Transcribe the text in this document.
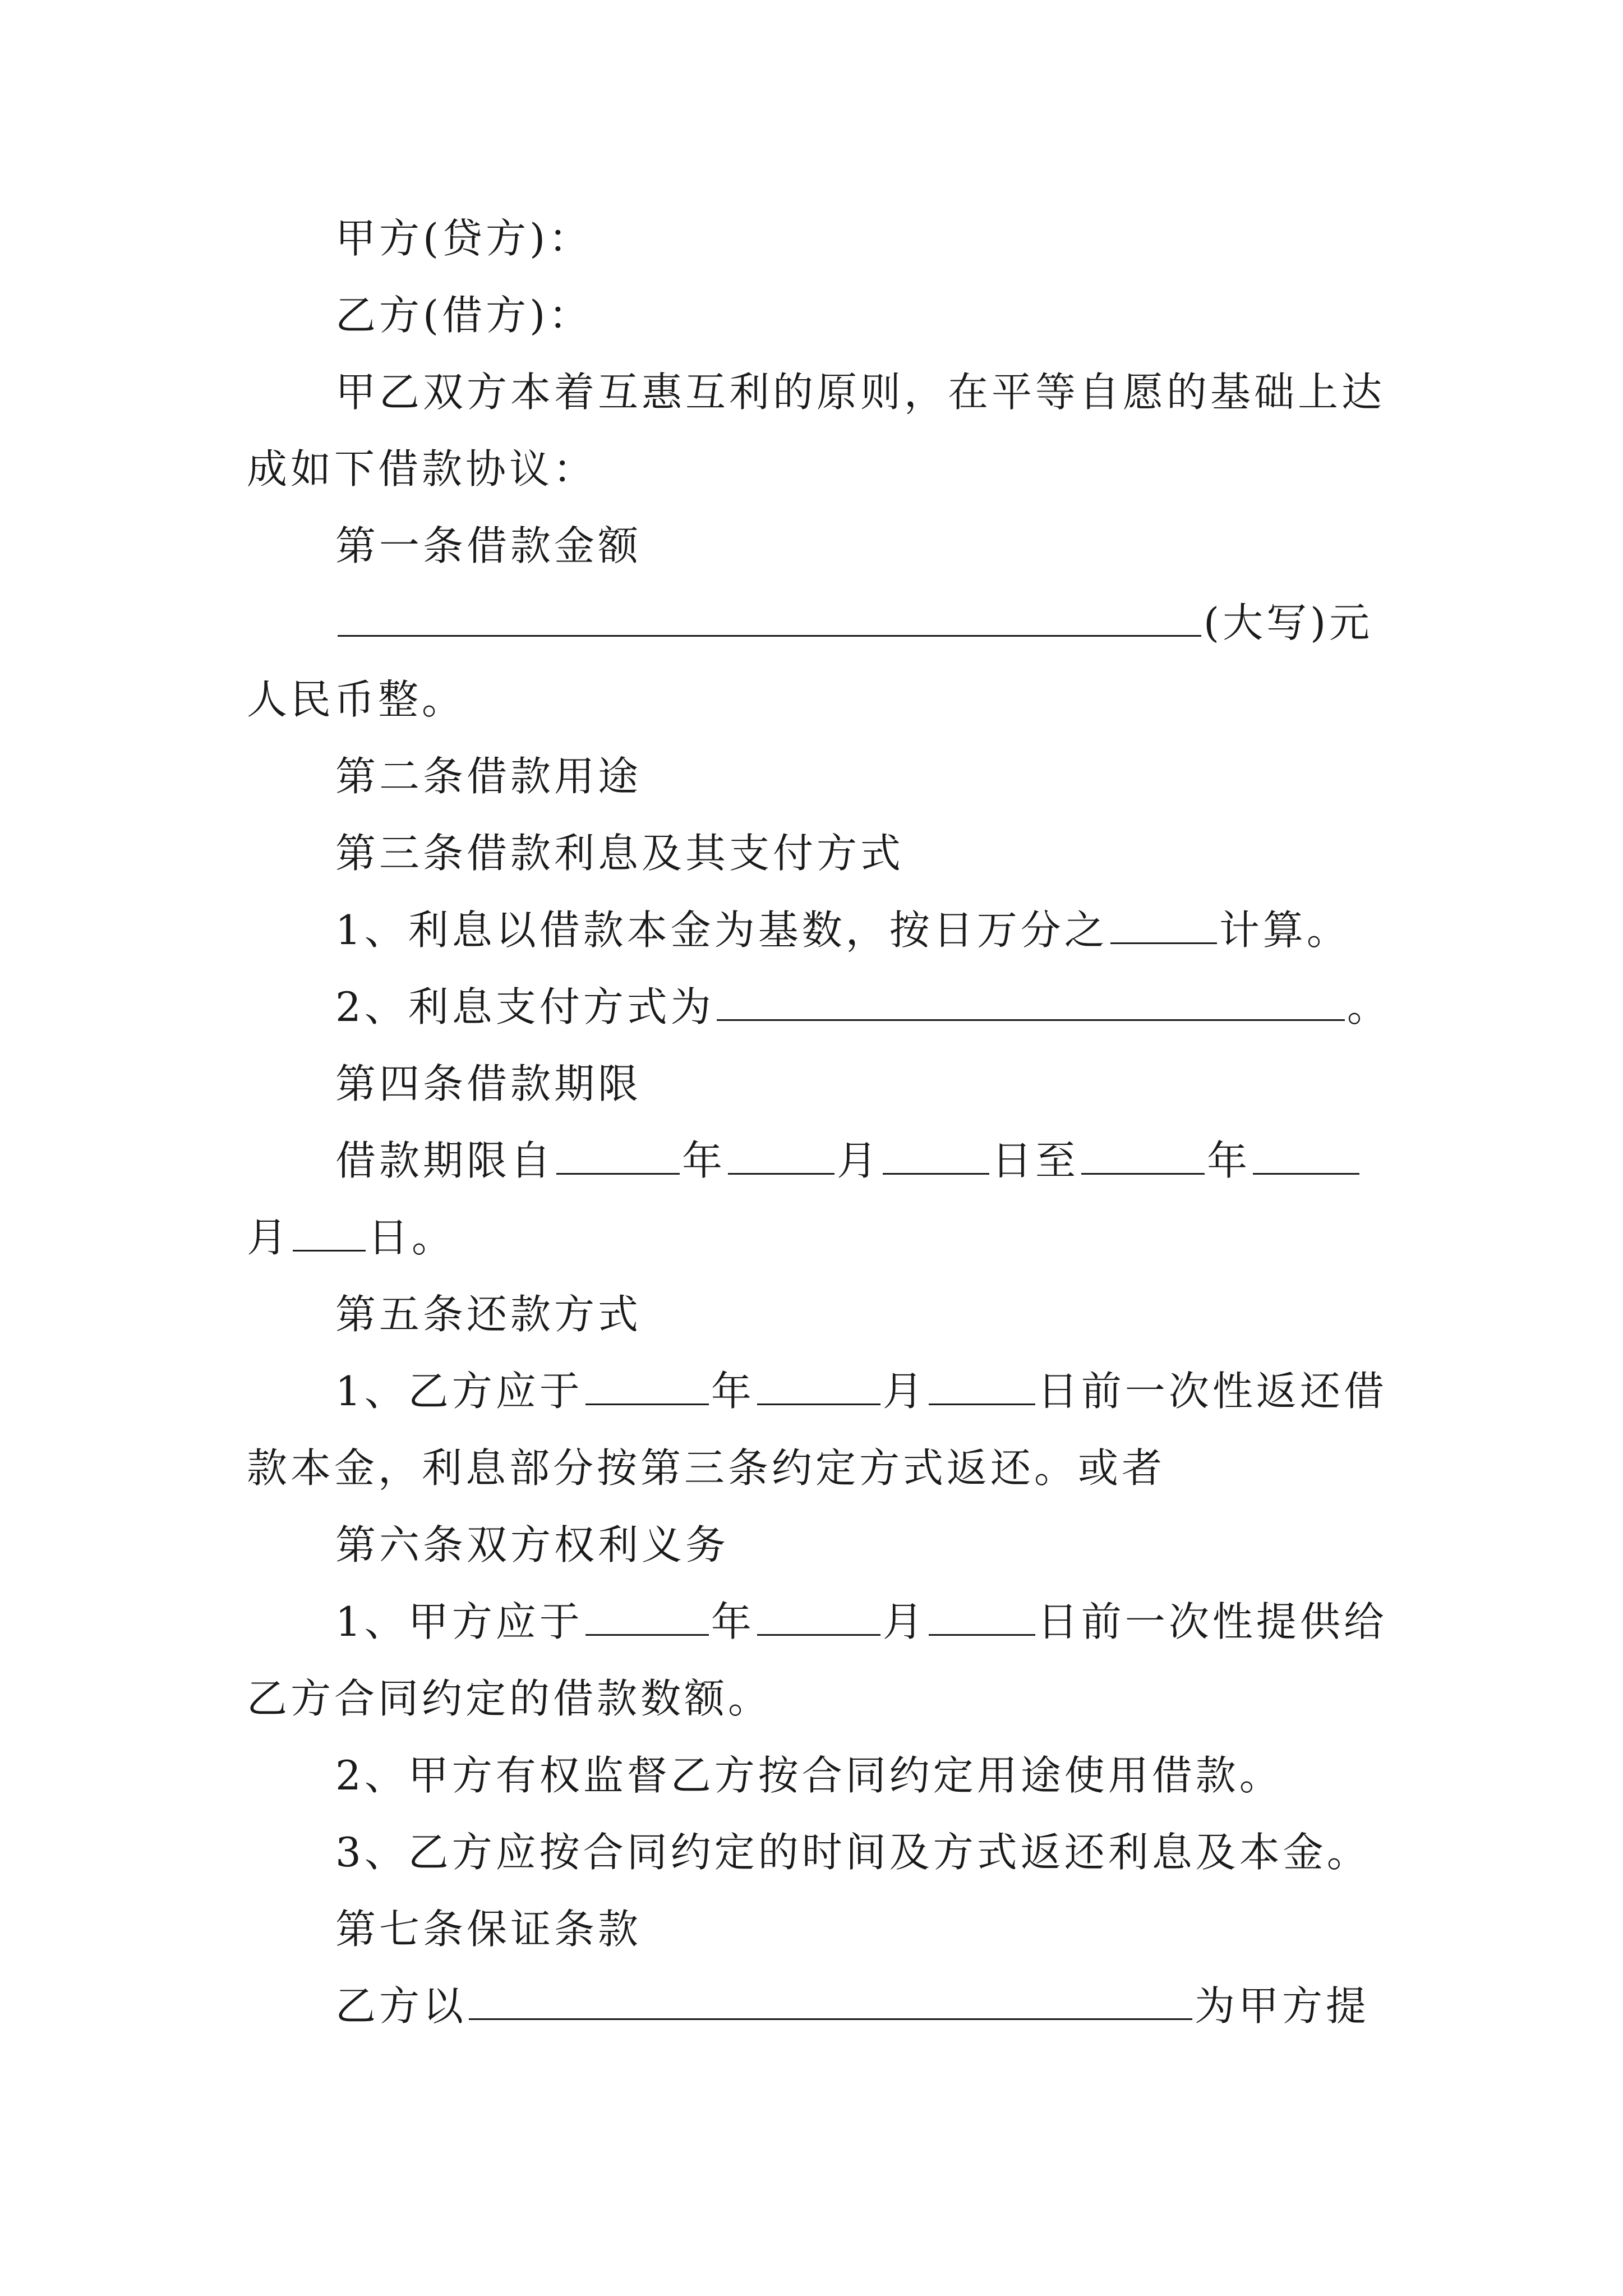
甲方(贷方)：
乙方(借方)：
甲乙双方本着互惠互利的原则，在平等自愿的基础上达
成如下借款协议：
第一条借款金额
(大写)元
人民币整。
第二条借款用途
第三条借款利息及其支付方式
1、利息以借款本金为基数，按日万分之	计算。
2、利息支付方式为	。
第四条借款期限
借款期限自	年	月	日至	年
月 日。
第五条还款方式
1、乙方应于	年	月	日前一次性返还借
款本金，利息部分按第三条约定方式返还。或者
第六条双方权利义务
1、甲方应于	年	月	日前一次性提供给
乙方合同约定的借款数额。
2、甲方有权监督乙方按合同约定用途使用借款。
3、乙方应按合同约定的时间及方式返还利息及本金。
第七条保证条款
乙方以	为甲方提
